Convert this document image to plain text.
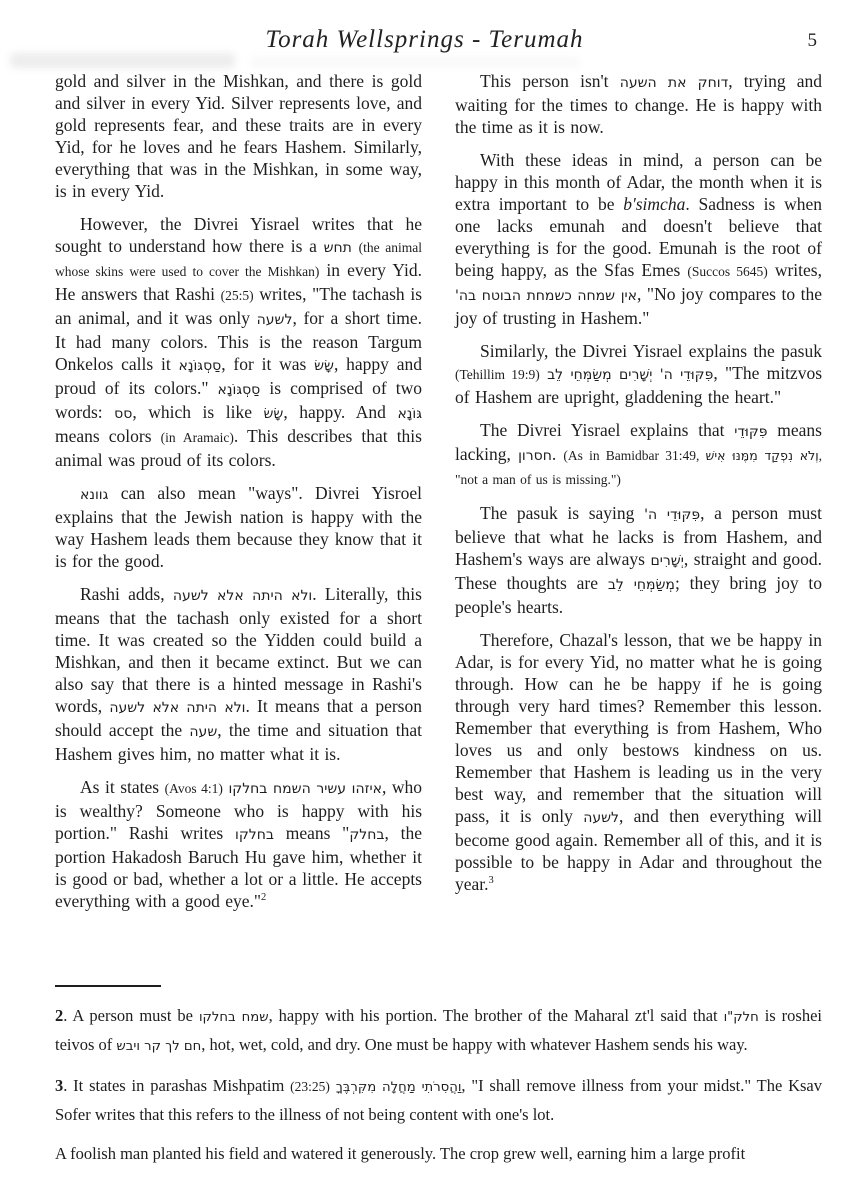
Torah Wellsprings - Terumah	5

gold and silver in the Mishkan, and there is gold and silver in every Yid. Silver represents love, and gold represents fear, and these traits are in every Yid, for he loves and he fears Hashem. Similarly, everything that was in the Mishkan, in some way, is in every Yid.

However, the Divrei Yisrael writes that he sought to understand how there is a תחש (the animal whose skins were used to cover the Mishkan) in every Yid. He answers that Rashi (25:5) writes, "The tachash is an animal, and it was only לשעה, for a short time. It had many colors. This is the reason Targum Onkelos calls it סַסְגּוֹנָא, for it was שָׂשׂ, happy and proud of its colors." סַסְגּוֹנָא is comprised of two words: סס, which is like שָׂשׂ, happy. And גּוֹנָא means colors (in Aramaic). This describes that this animal was proud of its colors.

גוונא can also mean "ways". Divrei Yisroel explains that the Jewish nation is happy with the way Hashem leads them because they know that it is for the good.

Rashi adds, ולא היתה אלא לשעה. Literally, this means that the tachash only existed for a short time. It was created so the Yidden could build a Mishkan, and then it became extinct. But we can also say that there is a hinted message in Rashi's words, ולא היתה אלא לשעה. It means that a person should accept the שעה, the time and situation that Hashem gives him, no matter what it is.

As it states (Avos 4:1) איזהו עשיר השמח בחלקו, who is wealthy? Someone who is happy with his portion." Rashi writes בחלקו means "בחלק, the portion Hakadosh Baruch Hu gave him, whether it is good or bad, whether a lot or a little. He accepts everything with a good eye."$^2$

This person isn't דוחק את השעה, trying and waiting for the times to change. He is happy with the time as it is now.

With these ideas in mind, a person can be happy in this month of Adar, the month when it is extra important to be b'simcha. Sadness is when one lacks emunah and doesn't believe that everything is for the good. Emunah is the root of being happy, as the Sfas Emes (Succos 5645) writes, אין שמחה כשמחת הבוטח בה', "No joy compares to the joy of trusting in Hashem."

Similarly, the Divrei Yisrael explains the pasuk (Tehillim 19:9) פִּקּוּדֵי ה' יְשָׁרִים מְשַׂמְּחֵי לֵב, "The mitzvos of Hashem are upright, gladdening the heart."

The Divrei Yisrael explains that פִּקּוּדֵי means lacking, חסרון. (As in Bamidbar 31:49, וְלֹא נִפְקַד מִמֶּנּוּ אִישׁ, "not a man of us is missing.")

The pasuk is saying פִּקּוּדֵי ה', a person must believe that what he lacks is from Hashem, and Hashem's ways are always יְשָׁרִים, straight and good. These thoughts are מְשַׂמְּחֵי לֵב; they bring joy to people's hearts.

Therefore, Chazal's lesson, that we be happy in Adar, is for every Yid, no matter what he is going through. How can he be happy if he is going through very hard times? Remember this lesson. Remember that everything is from Hashem, Who loves us and only bestows kindness on us. Remember that Hashem is leading us in the very best way, and remember that the situation will pass, it is only לשעה, and then everything will become good again. Remember all of this, and it is possible to be happy in Adar and throughout the year.$^3$

2. A person must be שמח בחלקו, happy with his portion. The brother of the Maharal zt'l said that חלק"ו is roshei teivos of חם לך קר ויבש, hot, wet, cold, and dry. One must be happy with whatever Hashem sends his way.

3. It states in parashas Mishpatim (23:25) וַהֲסִרֹתִי מַחֲלָה מִקִּרְבֶּךָ, "I shall remove illness from your midst." The Ksav Sofer writes that this refers to the illness of not being content with one's lot.

A foolish man planted his field and watered it generously. The crop grew well, earning him a large profit
